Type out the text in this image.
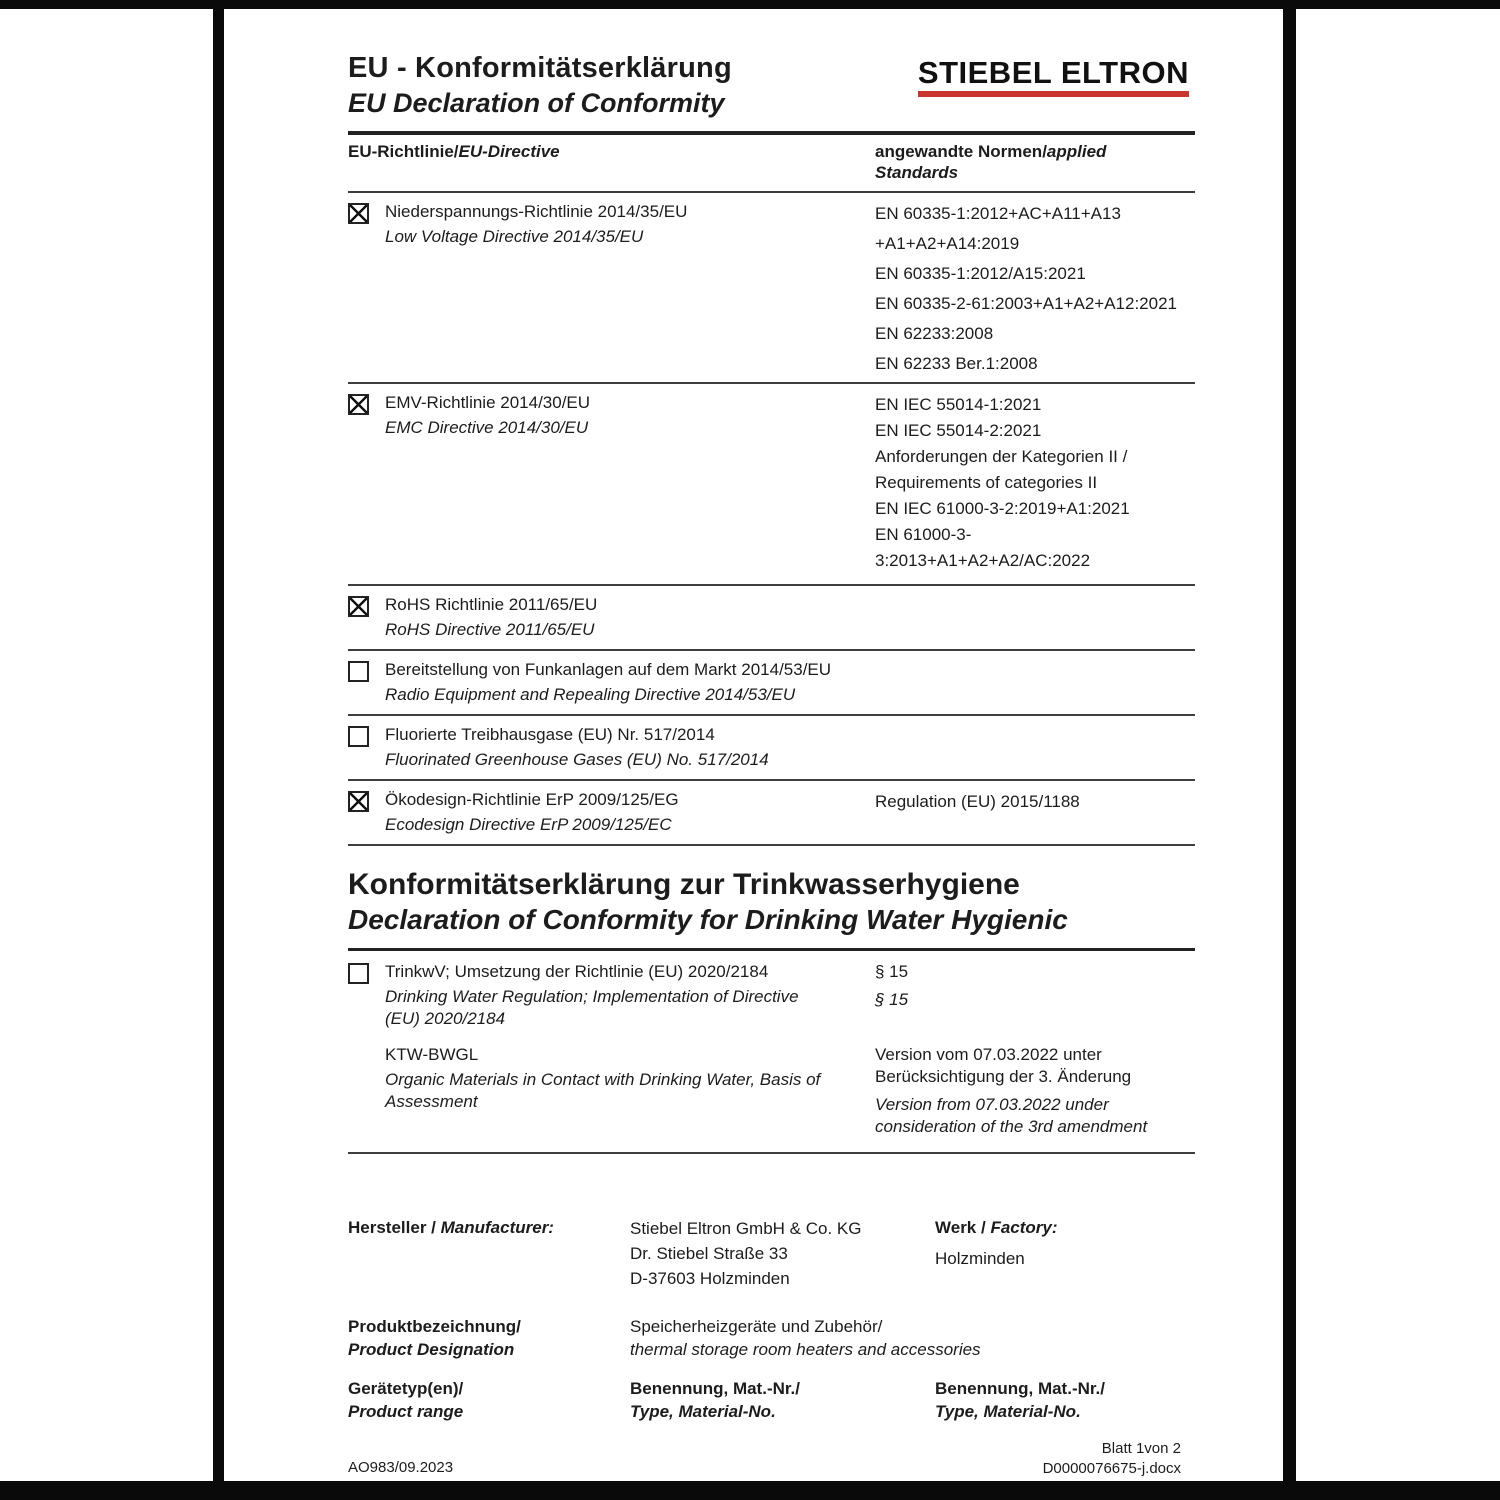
EU - Konformitätserklärung
EU Declaration of Conformity
STIEBEL ELTRON
EU-Richtlinie/EU-Directive	angewandte Normen/applied Standards
Niederspannungs-Richtlinie 2014/35/EU
Low Voltage Directive 2014/35/EU
EN 60335-1:2012+AC+A11+A13
+A1+A2+A14:2019
EN 60335-1:2012/A15:2021
EN 60335-2-61:2003+A1+A2+A12:2021
EN 62233:2008
EN 62233 Ber.1:2008
EMV-Richtlinie 2014/30/EU
EMC Directive 2014/30/EU
EN IEC 55014-1:2021
EN IEC 55014-2:2021
Anforderungen der Kategorien II /
Requirements of categories II
EN IEC 61000-3-2:2019+A1:2021
EN 61000-3-
3:2013+A1+A2+A2/AC:2022
RoHS Richtlinie 2011/65/EU
RoHS Directive 2011/65/EU
Bereitstellung von Funkanlagen auf dem Markt 2014/53/EU
Radio Equipment and Repealing Directive 2014/53/EU
Fluorierte Treibhausgase (EU) Nr. 517/2014
Fluorinated Greenhouse Gases (EU) No. 517/2014
Ökodesign-Richtlinie ErP 2009/125/EG
Ecodesign Directive ErP 2009/125/EC
Regulation (EU) 2015/1188
Konformitätserklärung zur Trinkwasserhygiene
Declaration of Conformity for Drinking Water Hygienic
TrinkwV; Umsetzung der Richtlinie (EU) 2020/2184
Drinking Water Regulation; Implementation of Directive (EU) 2020/2184
§ 15
§ 15
KTW-BWGL
Organic Materials in Contact with Drinking Water, Basis of Assessment
Version vom 07.03.2022 unter Berücksichtigung der 3. Änderung
Version from 07.03.2022 under consideration of the 3rd amendment
Hersteller / Manufacturer:	Stiebel Eltron GmbH & Co. KG
Dr. Stiebel Straße 33
D-37603 Holzminden
Werk / Factory:
Holzminden
Produktbezeichnung/
Product Designation
Speicherheizgeräte und Zubehör/
thermal storage room heaters and accessories
Gerätetyp(en)/
Product range
Benennung, Mat.-Nr./
Type, Material-No.
Benennung, Mat.-Nr./
Type, Material-No.
AO983/09.2023
Blatt 1von 2
D0000076675-j.docx
